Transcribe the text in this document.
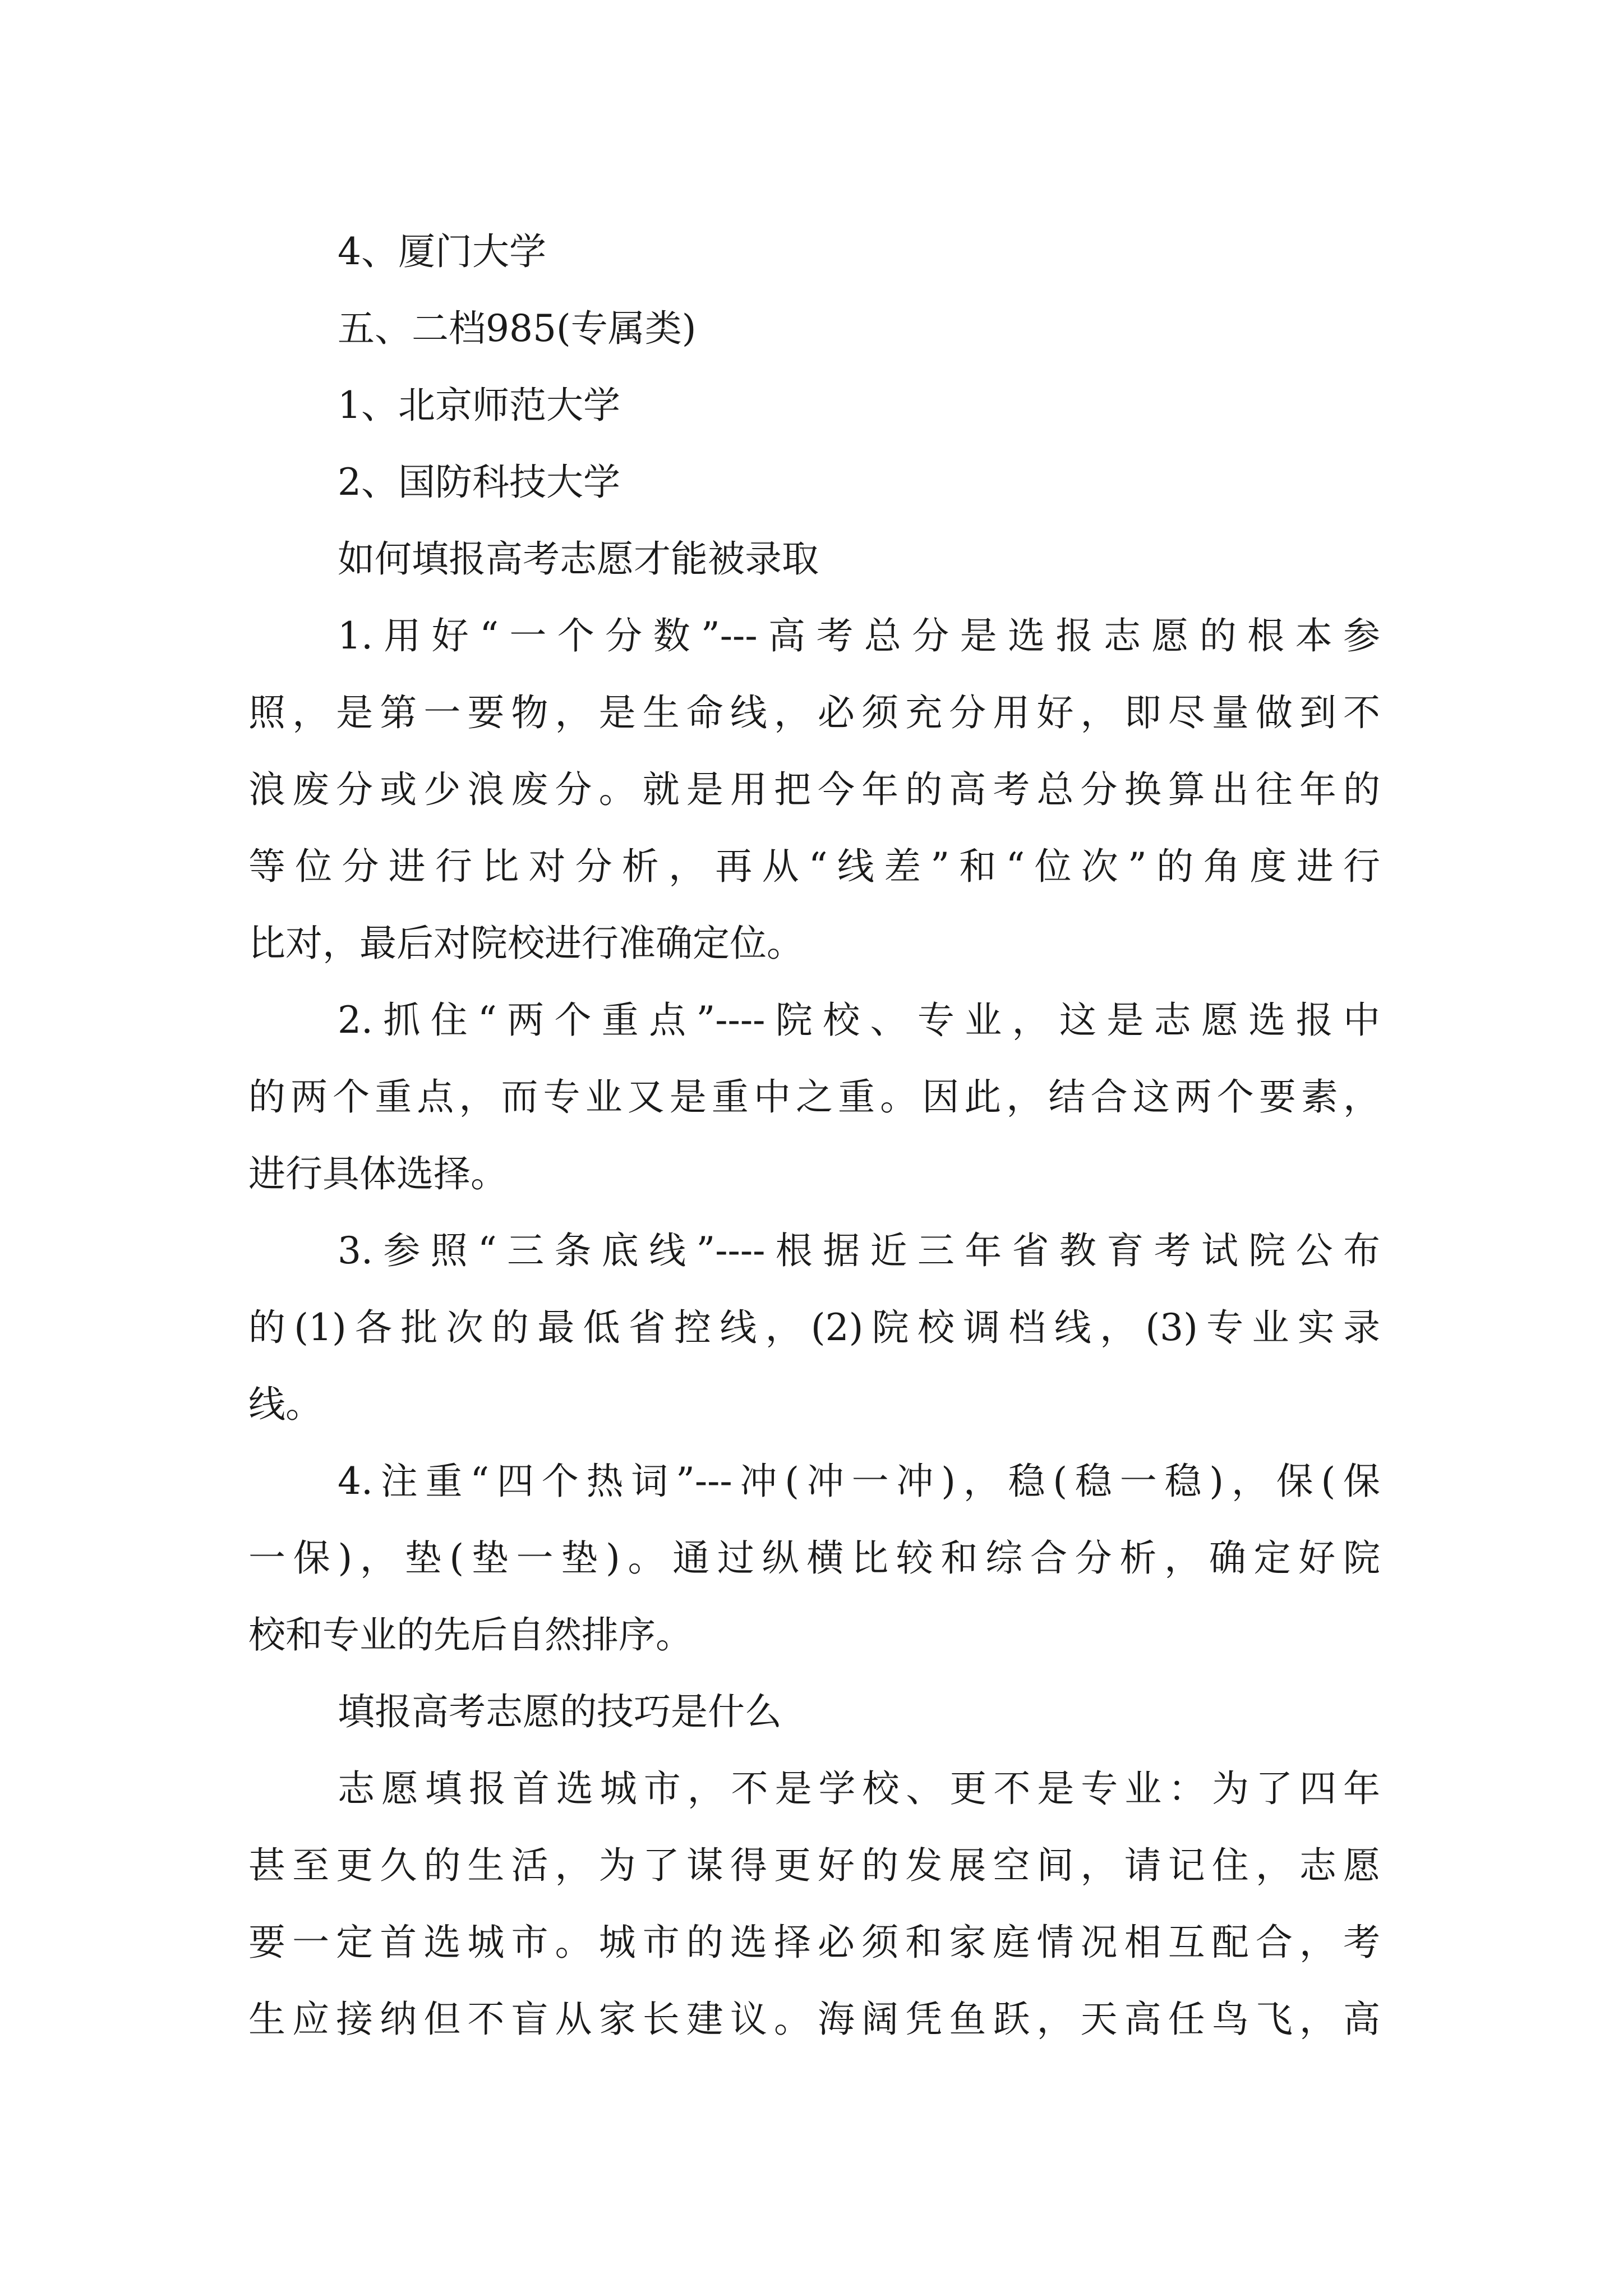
4、厦门大学
五、二档985(专属类)
1、北京师范大学
2、国防科技大学
如何填报高考志愿才能被录取
1.用好“一个分数”---高考总分是选报志愿的根本参
照，是第一要物，是生命线，必须充分用好，即尽量做到不
浪废分或少浪废分。就是用把今年的高考总分换算出往年的
等位分进行比对分析，再从“线差”和“位次”的角度进行
比对，最后对院校进行准确定位。
2.抓住“两个重点”----院校、专业，这是志愿选报中
的两个重点，而专业又是重中之重。因此，结合这两个要素，
进行具体选择。
3.参照“三条底线”----根据近三年省教育考试院公布
的(1)各批次的最低省控线，(2)院校调档线，(3)专业实录
线。
4.注重“四个热词”---冲(冲一冲)，稳(稳一稳)，保(保
一保)，垫(垫一垫)。通过纵横比较和综合分析，确定好院
校和专业的先后自然排序。
填报高考志愿的技巧是什么
志愿填报首选城市，不是学校、更不是专业：为了四年
甚至更久的生活，为了谋得更好的发展空间，请记住，志愿
要一定首选城市。城市的选择必须和家庭情况相互配合，考
生应接纳但不盲从家长建议。海阔凭鱼跃，天高任鸟飞，高
